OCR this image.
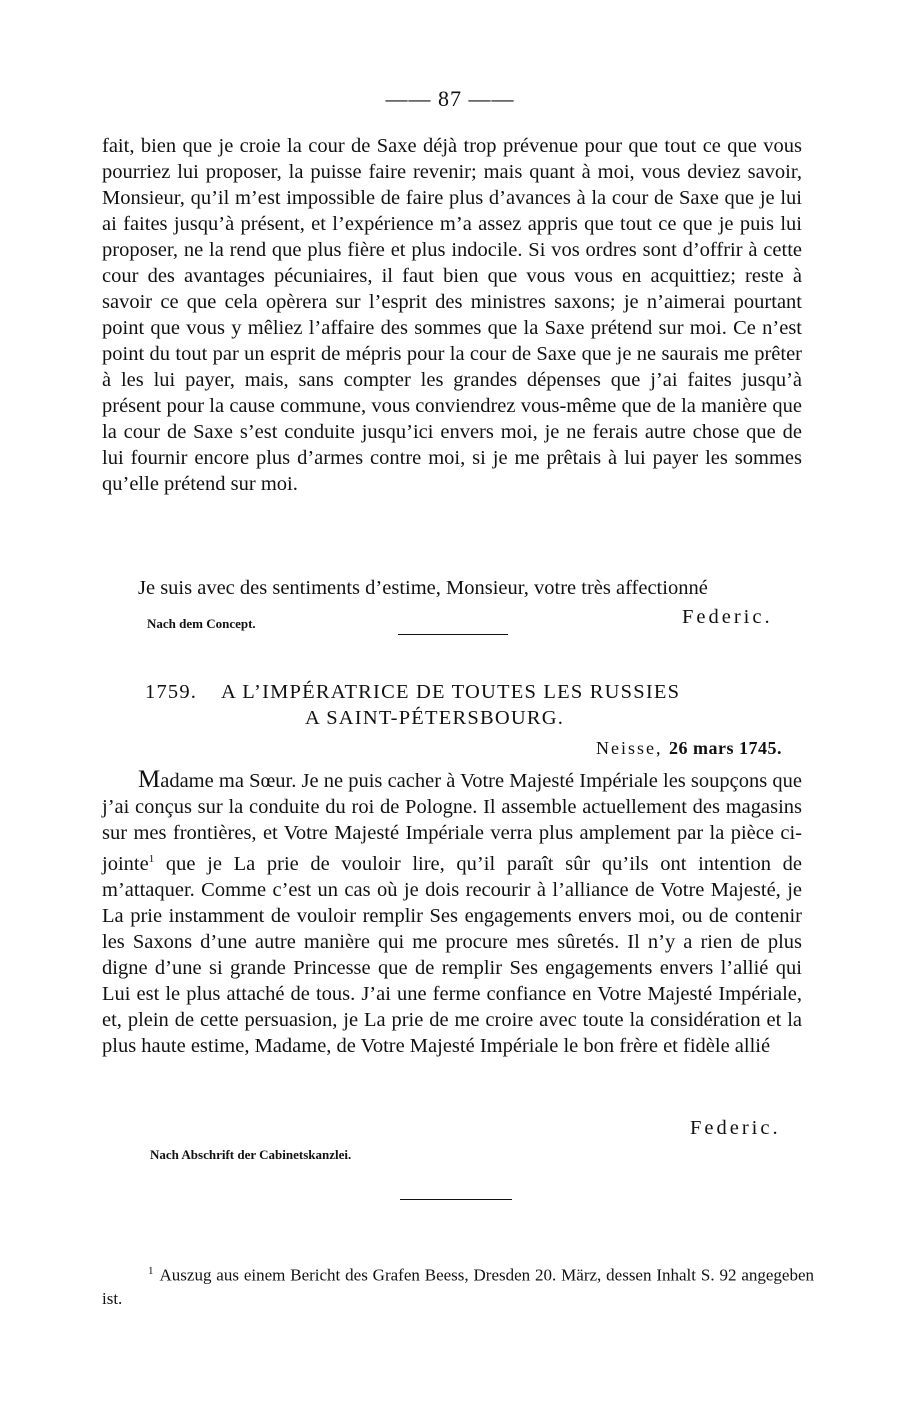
—— 87 ——

fait, bien que je croie la cour de Saxe déjà trop prévenue pour que tout ce que vous pourriez lui proposer, la puisse faire revenir; mais quant à moi, vous deviez savoir, Monsieur, qu’il m’est impossible de faire plus d’avances à la cour de Saxe que je lui ai faites jusqu’à présent, et l’expérience m’a assez appris que tout ce que je puis lui proposer, ne la rend que plus fière et plus indocile. Si vos ordres sont d’offrir à cette cour des avantages pécuniaires, il faut bien que vous vous en acquittiez; reste à savoir ce que cela opèrera sur l’esprit des ministres saxons; je n’aimerai pourtant point que vous y mêliez l’affaire des sommes que la Saxe prétend sur moi. Ce n’est point du tout par un esprit de mépris pour la cour de Saxe que je ne saurais me prêter à les lui payer, mais, sans compter les grandes dépenses que j’ai faites jusqu’à présent pour la cause commune, vous conviendrez vous-même que de la manière que la cour de Saxe s’est conduite jusqu’ici envers moi, je ne ferais autre chose que de lui fournir encore plus d’armes contre moi, si je me prêtais à lui payer les sommes qu’elle prétend sur moi.

Je suis avec des sentiments d’estime, Monsieur, votre très affectionné

Nach dem Concept.	Federic.
1759. A L’IMPÉRATRICE DE TOUTES LES RUSSIES
A SAINT-PÉTERSBOURG.
Neisse, 26 mars 1745.

Madame ma Sœur. Je ne puis cacher à Votre Majesté Impériale les soupçons que j’ai conçus sur la conduite du roi de Pologne. Il assemble actuellement des magasins sur mes frontières, et Votre Majesté Impériale verra plus amplement par la pièce ci-jointe$^1$ que je La prie de vouloir lire, qu’il paraît sûr qu’ils ont intention de m’attaquer. Comme c’est un cas où je dois recourir à l’alliance de Votre Majesté, je La prie instamment de vouloir remplir Ses engagements envers moi, ou de contenir les Saxons d’une autre manière qui me procure mes sûretés. Il n’y a rien de plus digne d’une si grande Princesse que de remplir Ses engagements envers l’allié qui Lui est le plus attaché de tous. J’ai une ferme confiance en Votre Majesté Impériale, et, plein de cette persuasion, je La prie de me croire avec toute la considération et la plus haute estime, Madame, de Votre Majesté Impériale le bon frère et fidèle allié

Federic.
Nach Abschrift der Cabinetskanzlei.
$^1$ Auszug aus einem Bericht des Grafen Beess, Dresden 20. März, dessen Inhalt S. 92 angegeben ist.
